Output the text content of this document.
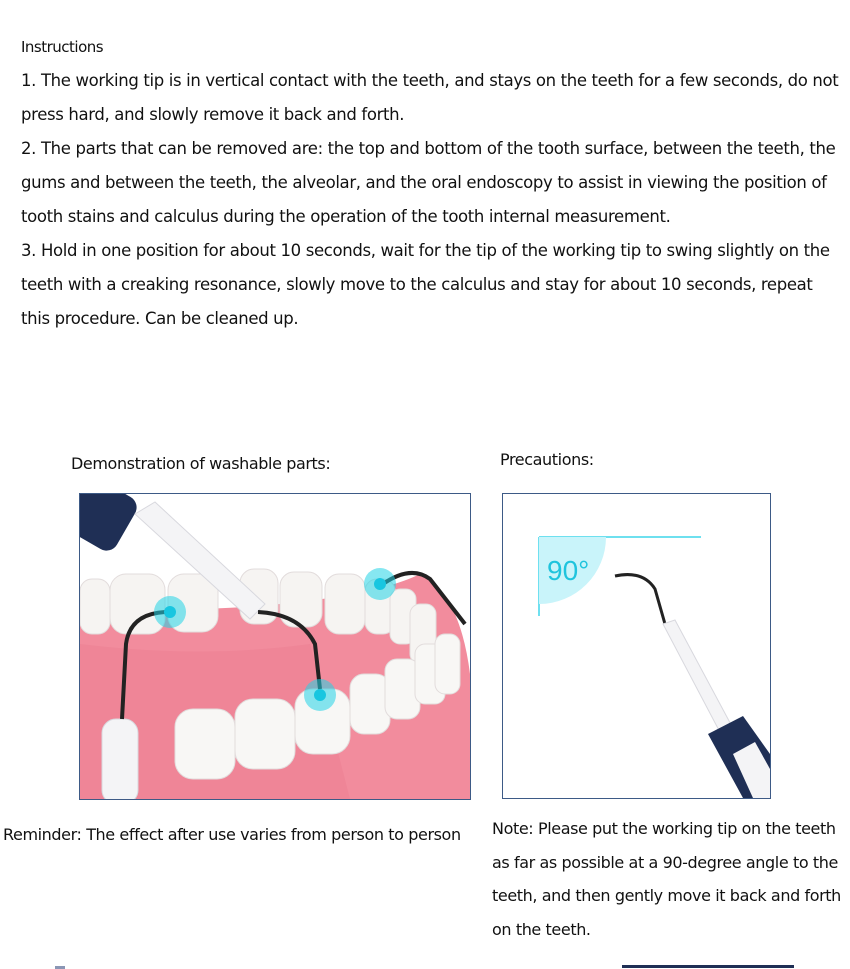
Instructions

1. The working tip is in vertical contact with the teeth, and stays on the teeth for a few seconds, do not press hard, and slowly remove it back and forth.

2. The parts that can be removed are: the top and bottom of the tooth surface, between the teeth, the gums and between the teeth, the alveolar, and the oral endoscopy to assist in viewing the position of tooth stains and calculus during the operation of the tooth internal measurement.

3. Hold in one position for about 10 seconds, wait for the tip of the working tip to swing slightly on the teeth with a creaking resonance, slowly move to the calculus and stay for about 10 seconds, repeat this procedure. Can be cleaned up.

Demonstration of washable parts:
Reminder: The effect after use varies from person to person
Precautions:
90°
Note: Please put the working tip on the teeth as far as possible at a 90-degree angle to the teeth, and then gently move it back and forth on the teeth.
